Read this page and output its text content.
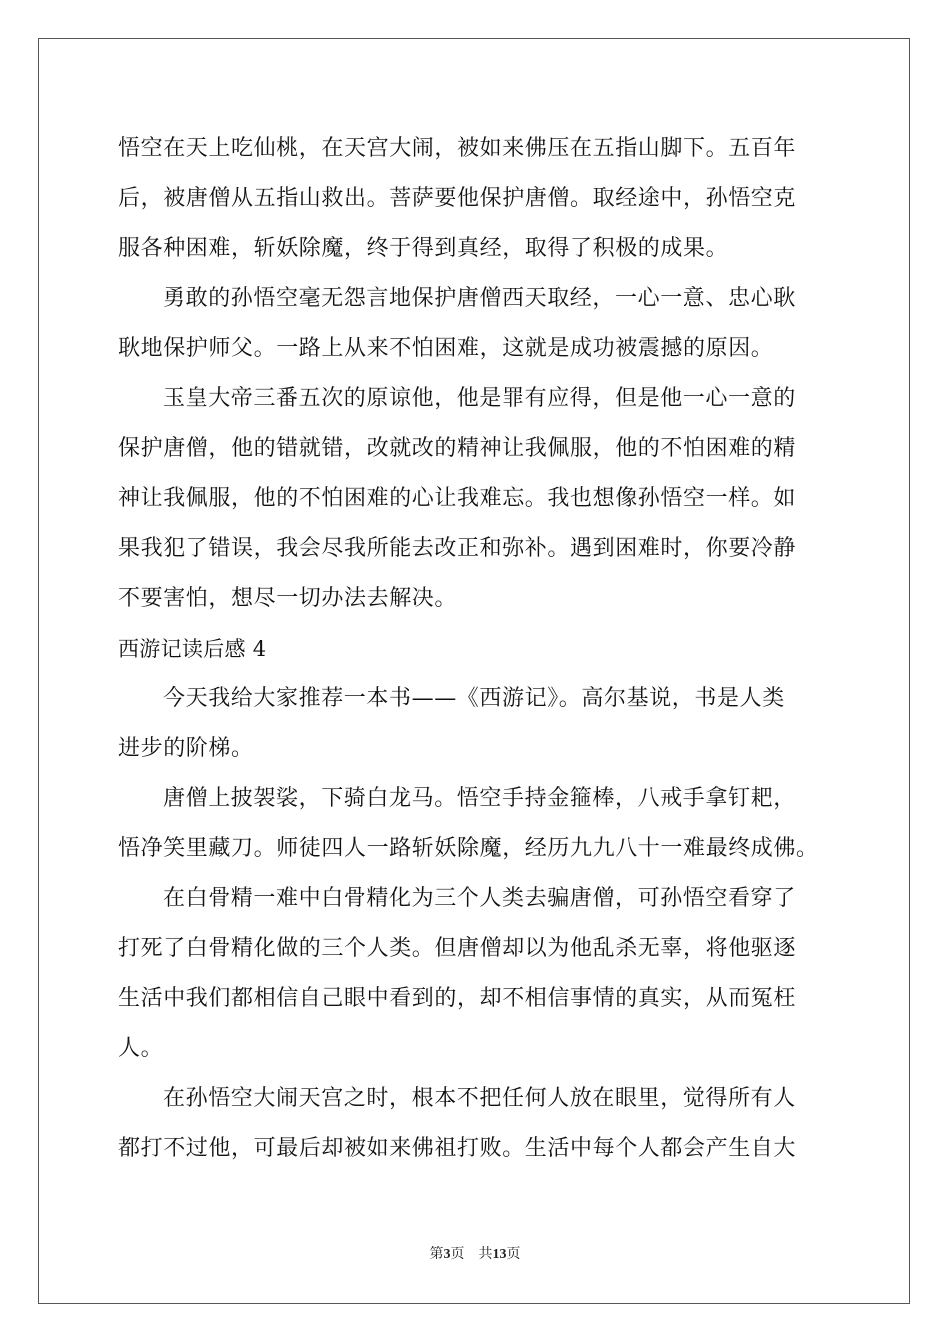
悟空在天上吃仙桃，在天宫大闹，被如来佛压在五指山脚下。五百年
后，被唐僧从五指山救出。菩萨要他保护唐僧。取经途中，孙悟空克
服各种困难，斩妖除魔，终于得到真经，取得了积极的成果。
勇敢的孙悟空毫无怨言地保护唐僧西天取经，一心一意、忠心耿
耿地保护师父。一路上从来不怕困难，这就是成功被震撼的原因。
玉皇大帝三番五次的原谅他，他是罪有应得，但是他一心一意的
保护唐僧，他的错就错，改就改的精神让我佩服，他的不怕困难的精
神让我佩服，他的不怕困难的心让我难忘。我也想像孙悟空一样。如
果我犯了错误，我会尽我所能去改正和弥补。遇到困难时，你要冷静
不要害怕，想尽一切办法去解决。
西游记读后感 4
今天我给大家推荐一本书——《西游记》。高尔基说，书是人类
进步的阶梯。
唐僧上披袈裟，下骑白龙马。悟空手持金箍棒，八戒手拿钉耙，
悟净笑里藏刀。师徒四人一路斩妖除魔，经历九九八十一难最终成佛。
在白骨精一难中白骨精化为三个人类去骗唐僧，可孙悟空看穿了
打死了白骨精化做的三个人类。但唐僧却以为他乱杀无辜，将他驱逐
生活中我们都相信自己眼中看到的，却不相信事情的真实，从而冤枉
人。
在孙悟空大闹天宫之时，根本不把任何人放在眼里，觉得所有人
都打不过他，可最后却被如来佛祖打败。生活中每个人都会产生自大
第3页 共13页
